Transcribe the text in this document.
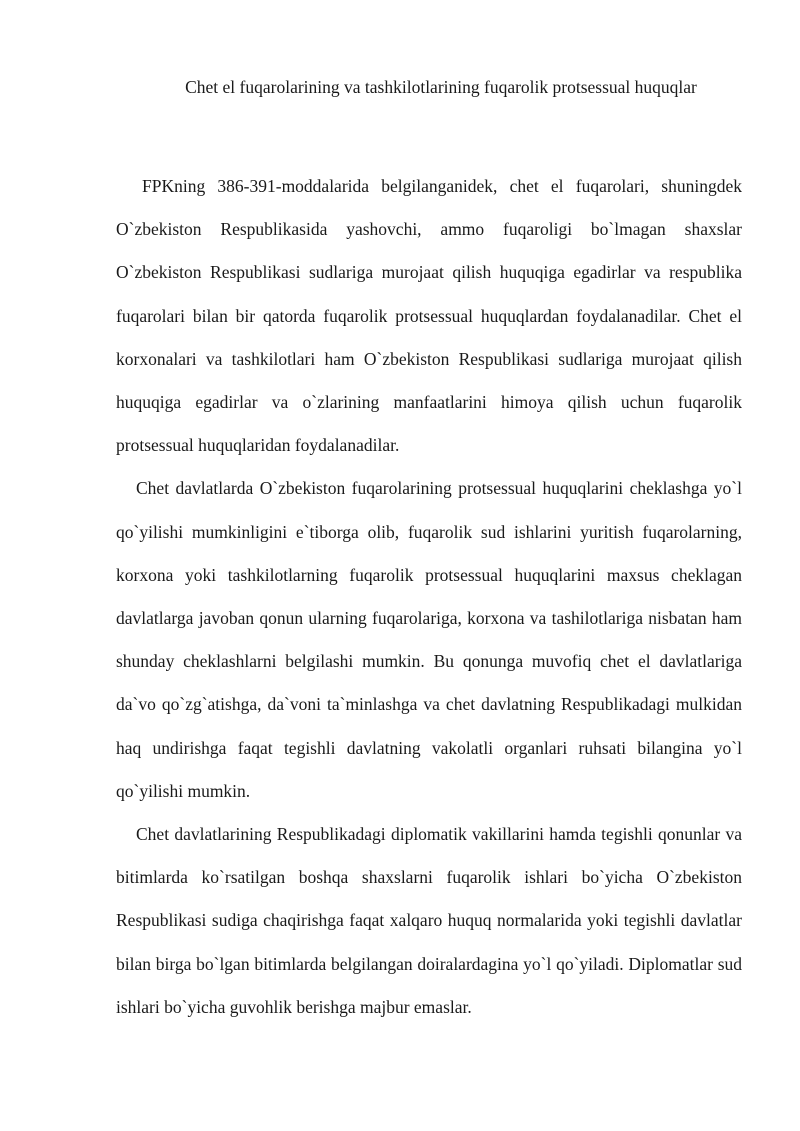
Chet el fuqarolarining va tashkilotlarining fuqarolik protsessual huquqlar

FPKning 386-391-moddalarida belgilanganidek, chet el fuqarolari, shuningdek O`zbekiston Respublikasida yashovchi, ammo fuqaroligi bo`lmagan shaxslar O`zbekiston Respublikasi sudlariga murojaat qilish huquqiga egadirlar va respublika fuqarolari bilan bir qatorda fuqarolik protsessual huquqlardan foydalanadilar. Chet el korxonalari va tashkilotlari ham O`zbekiston Respublikasi sudlariga murojaat qilish huquqiga egadirlar va o`zlarining manfaatlarini himoya qilish uchun fuqarolik protsessual huquqlaridan foydalanadilar.

Chet davlatlarda O`zbekiston fuqarolarining protsessual huquqlarini cheklashga yo`l qo`yilishi mumkinligini e`tiborga olib, fuqarolik sud ishlarini yuritish fuqarolarning, korxona yoki tashkilotlarning fuqarolik protsessual huquqlarini maxsus cheklagan davlatlarga javoban qonun ularning fuqarolariga, korxona va tashilotlariga nisbatan ham shunday cheklashlarni belgilashi mumkin. Bu qonunga muvofiq chet el davlatlariga da`vo qo`zg`atishga, da`voni ta`minlashga va chet davlatning Respublikadagi mulkidan haq undirishga faqat tegishli davlatning vakolatli organlari ruhsati bilangina yo`l qo`yilishi mumkin.

Chet davlatlarining Respublikadagi diplomatik vakillarini hamda tegishli qonunlar va bitimlarda ko`rsatilgan boshqa shaxslarni fuqarolik ishlari bo`yicha O`zbekiston Respublikasi sudiga chaqirishga faqat xalqaro huquq normalarida yoki tegishli davlatlar bilan birga bo`lgan bitimlarda belgilangan doiralardagina yo`l qo`yiladi. Diplomatlar sud ishlari bo`yicha guvohlik berishga majbur emaslar.
